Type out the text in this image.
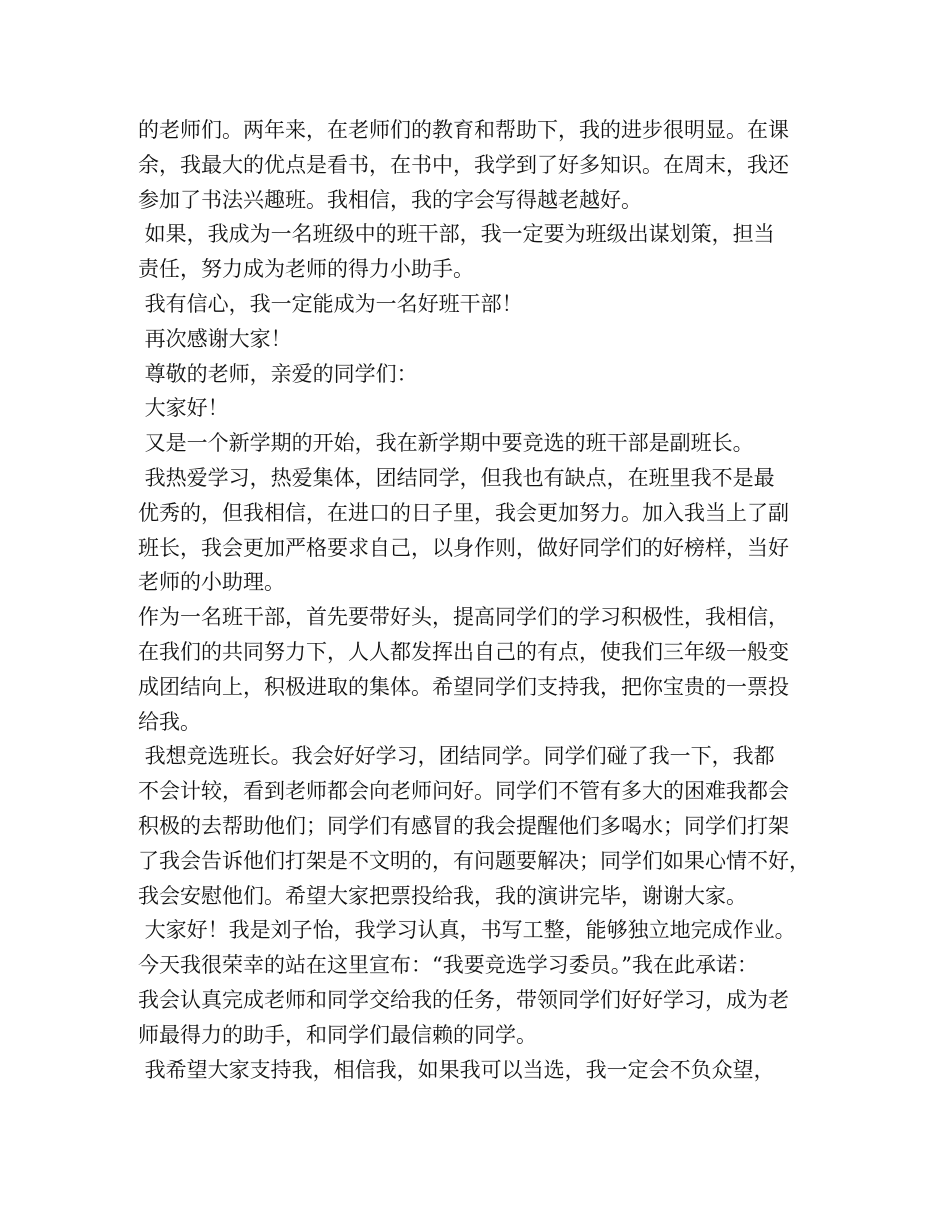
的老师们。两年来，在老师们的教育和帮助下，我的进步很明显。在课
余，我最大的优点是看书，在书中，我学到了好多知识。在周末，我还
参加了书法兴趣班。我相信，我的字会写得越老越好。
如果，我成为一名班级中的班干部，我一定要为班级出谋划策，担当
责任，努力成为老师的得力小助手。
我有信心，我一定能成为一名好班干部！
再次感谢大家！
尊敬的老师，亲爱的同学们：
大家好！
又是一个新学期的开始，我在新学期中要竞选的班干部是副班长。
我热爱学习，热爱集体，团结同学，但我也有缺点，在班里我不是最
优秀的，但我相信，在进口的日子里，我会更加努力。加入我当上了副
班长，我会更加严格要求自己，以身作则，做好同学们的好榜样，当好
老师的小助理。
作为一名班干部，首先要带好头，提高同学们的学习积极性，我相信，
在我们的共同努力下，人人都发挥出自己的有点，使我们三年级一般变
成团结向上，积极进取的集体。希望同学们支持我，把你宝贵的一票投
给我。
我想竞选班长。我会好好学习，团结同学。同学们碰了我一下，我都
不会计较，看到老师都会向老师问好。同学们不管有多大的困难我都会
积极的去帮助他们；同学们有感冒的我会提醒他们多喝水；同学们打架
了我会告诉他们打架是不文明的，有问题要解决；同学们如果心情不好，
我会安慰他们。希望大家把票投给我，我的演讲完毕，谢谢大家。
大家好！我是刘子怡，我学习认真，书写工整，能够独立地完成作业。
今天我很荣幸的站在这里宣布：“我要竞选学习委员。”我在此承诺：
我会认真完成老师和同学交给我的任务，带领同学们好好学习，成为老
师最得力的助手，和同学们最信赖的同学。
我希望大家支持我，相信我，如果我可以当选，我一定会不负众望，
